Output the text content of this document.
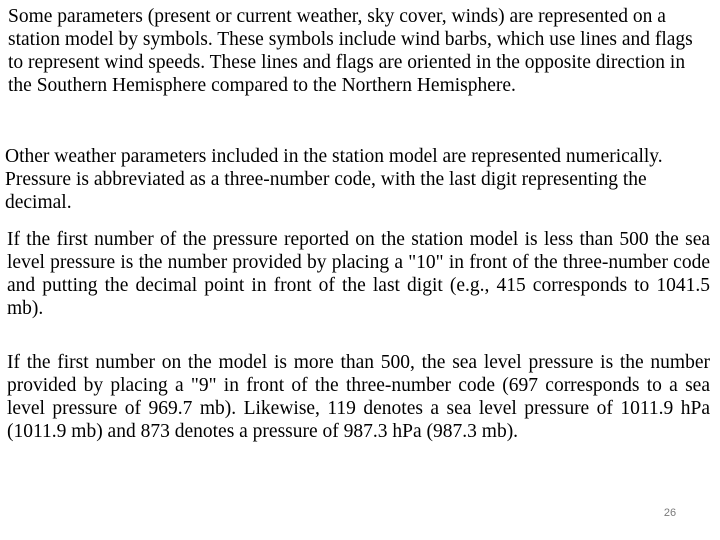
Some parameters (present or current weather, sky cover, winds) are represented on a station model by symbols. These symbols include wind barbs, which use lines and flags to represent wind speeds. These lines and flags are oriented in the opposite direction in the Southern Hemisphere compared to the Northern Hemisphere.

Other weather parameters included in the station model are represented numerically. Pressure is abbreviated as a three-number code, with the last digit representing the decimal.

If the first number of the pressure reported on the station model is less than 500 the sea level pressure is the number provided by placing a "10" in front of the three-number code and putting the decimal point in front of the last digit (e.g., 415 corresponds to 1041.5 mb).

If the first number on the model is more than 500, the sea level pressure is the number provided by placing a "9" in front of the three-number code (697 corresponds to a sea level pressure of 969.7 mb). Likewise, 119 denotes a sea level pressure of 1011.9 hPa (1011.9 mb) and 873 denotes a pressure of 987.3 hPa (987.3 mb).

26
